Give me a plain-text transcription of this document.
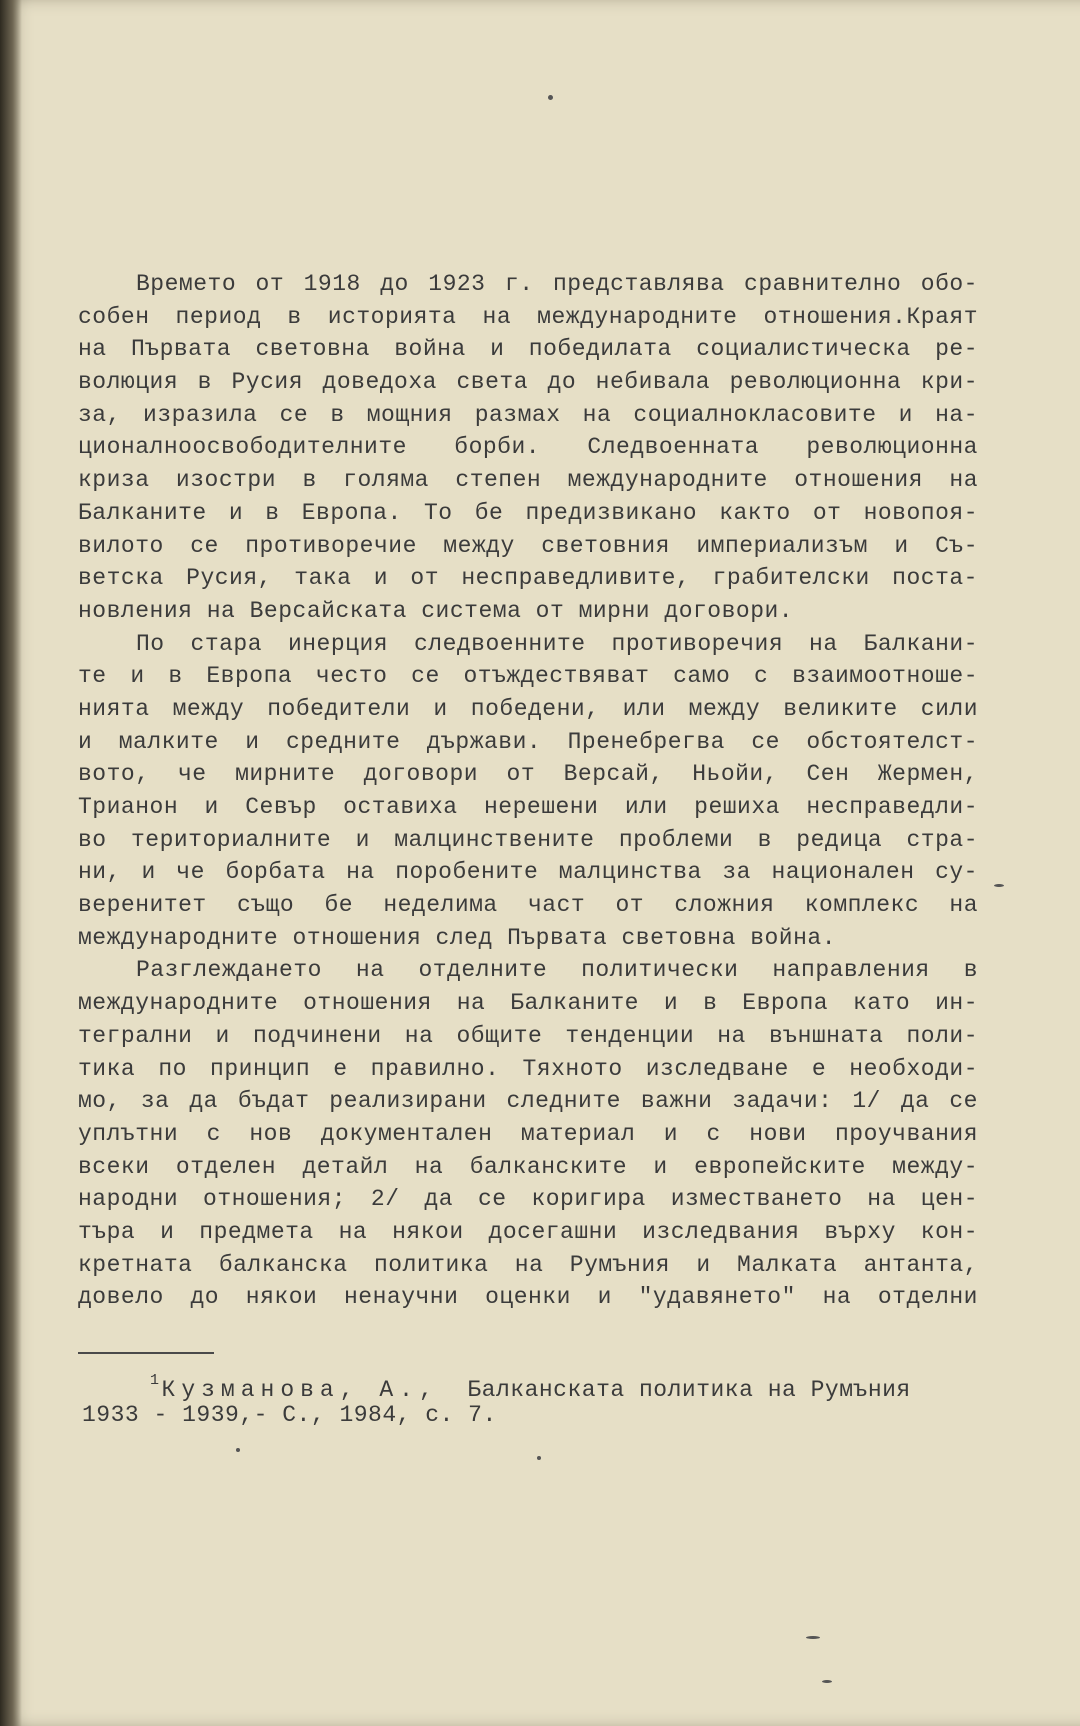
Времето от 1918 до 1923 г. представлява сравнително обо-
собен период в историята на международните отношения.Краят
на Първата световна война и победилата социалистическа ре-
волюция в Русия доведоха света до небивала революционна кри-
за, изразила се в мощния размах на социалнокласовите и на-
ционалноосвободителните борби. Следвоенната революционна
криза изостри в голяма степен международните отношения на
Балканите и в Европа. То бе предизвикано както от новопоя-
вилото се противоречие между световния империализъм и Съ-
ветска Русия, така и от несправедливите, грабителски поста-
новления на Версайската система от мирни договори.
По стара инерция следвоенните противоречия на Балкани-
те и в Европа често се отъждествяват само с взаимоотноше-
нията между победители и победени, или между великите сили
и малките и средните държави. Пренебрегва се обстоятелст-
вото, че мирните договори от Версай, Ньойи, Сен Жермен,
Трианон и Севър оставиха нерешени или решиха несправедли-
во териториалните и малцинствените проблеми в редица стра-
ни, и че борбата на поробените малцинства за национален су-
веренитет също бе неделима част от сложния комплекс на
международните отношения след Първата световна война.
Разглеждането на отделните политически направления в
международните отношения на Балканите и в Европа като ин-
тегрални и подчинени на общите тенденции на външната поли-
тика по принцип е правилно. Тяхното изследване е необходи-
мо, за да бъдат реализирани следните важни задачи: 1/ да се
уплътни с нов документален материал и с нови проучвания
всеки отделен детайл на балканските и европейските между-
народни отношения; 2/ да се коригира изместването на цен-
търа и предмета на някои досегашни изследвания върху кон-
кретната балканска политика на Румъния и Малката антанта,
довело до някои ненаучни оценки и "удавянето" на отделни
$^1$Кузманова, А., Балканската политика на Румъния
1933 - 1939,- С., 1984, с. 7.
